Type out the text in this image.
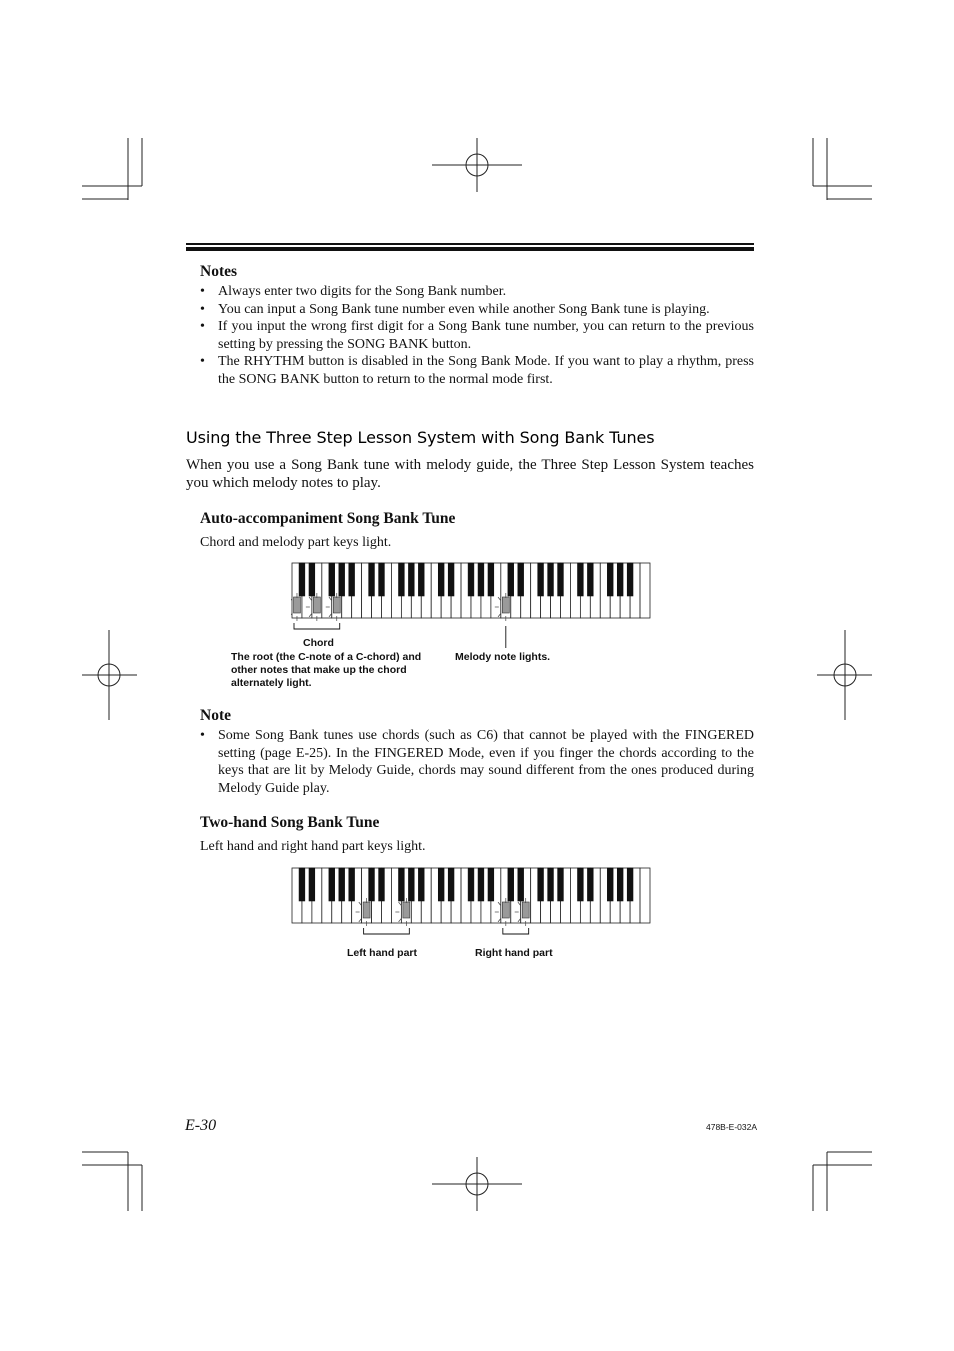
Notes
• Always enter two digits for the Song Bank number.
• You can input a Song Bank tune number even while another Song Bank tune is playing.
• If you input the wrong first digit for a Song Bank tune number, you can return to the previous setting by pressing the SONG BANK button.
• The RHYTHM button is disabled in the Song Bank Mode. If you want to play a rhythm, press the SONG BANK button to return to the normal mode first.
Using the Three Step Lesson System with Song Bank Tunes
When you use a Song Bank tune with melody guide, the Three Step Lesson System teaches you which melody notes to play.
Auto-accompaniment Song Bank Tune
Chord and melody part keys light.
Chord
The root (the C-note of a C-chord) and other notes that make up the chord alternately light.
Melody note lights.
Note
• Some Song Bank tunes use chords (such as C6) that cannot be played with the FINGERED setting (page E-25). In the FINGERED Mode, even if you finger the chords according to the keys that are lit by Melody Guide, chords may sound different from the ones produced during Melody Guide play.
Two-hand Song Bank Tune
Left hand and right hand part keys light.
Left hand part	Right hand part
E-30	478B-E-032A
